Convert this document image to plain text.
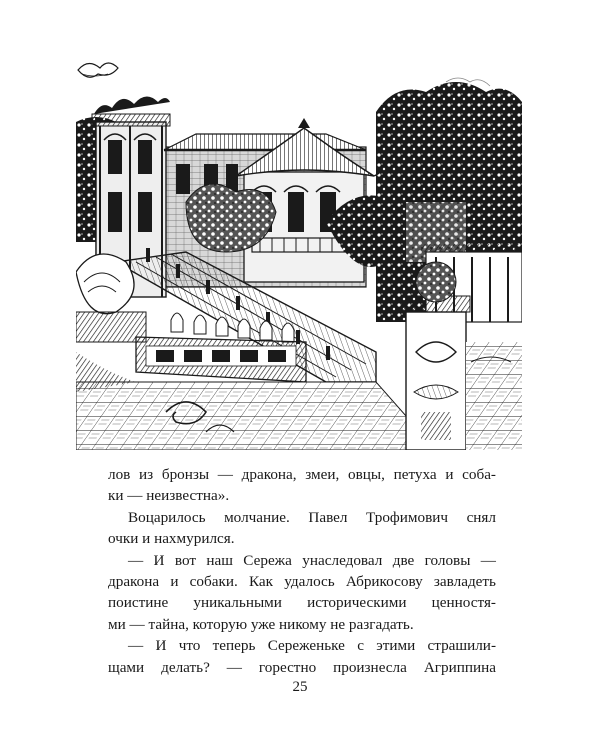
лов из бронзы — дракона, змеи, овцы, петуха и соба-

ки — неизвестна».

Воцарилось молчание. Павел Трофимович снял

очки и нахмурился.

— И вот наш Сережа унаследовал две головы —

дракона и собаки. Как удалось Абрикосову завладеть

поистине уникальными историческими ценностя-

ми — тайна, которую уже никому не разгадать.

— И что теперь Сереженьке с этими страшили-

щами делать? — горестно произнесла Агриппина

25
